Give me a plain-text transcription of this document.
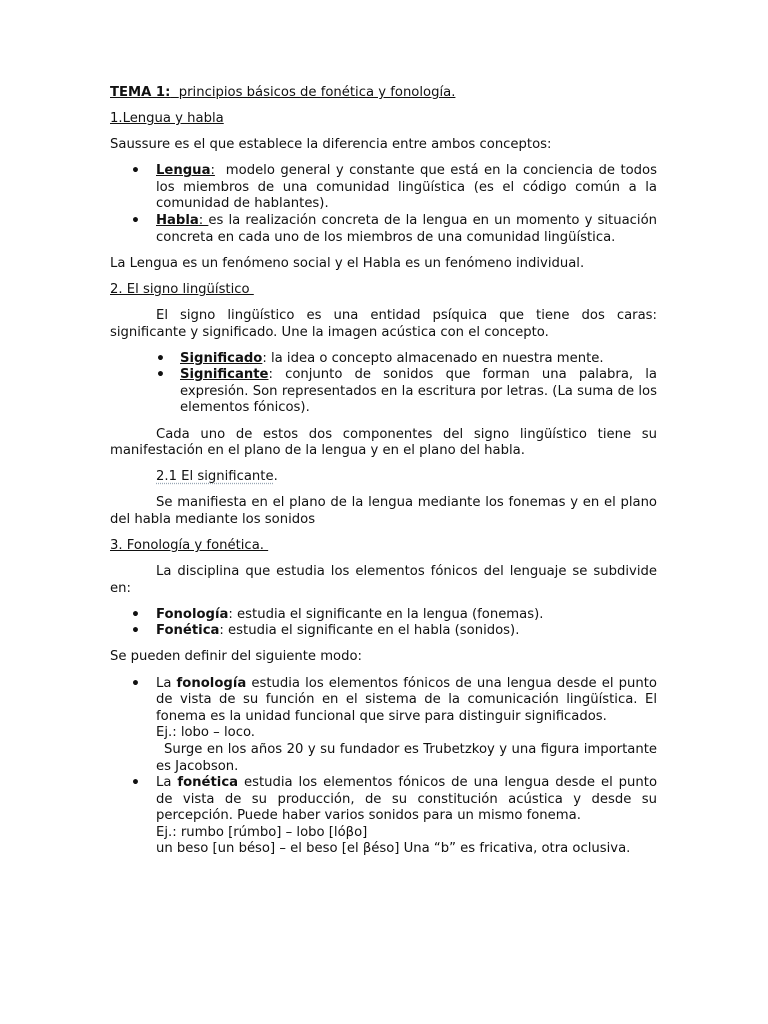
TEMA 1: principios básicos de fonética y fonología.

1.Lengua y habla

Saussure es el que establece la diferencia entre ambos conceptos:

• Lengua:  modelo general y constante que está en la conciencia de todos los miembros de una comunidad lingüística (es el código común a la comunidad de hablantes).
• Habla: es la realización concreta de la lengua en un momento y situación concreta en cada uno de los miembros de una comunidad lingüística.

La Lengua es un fenómeno social y el Habla es un fenómeno individual.

2. El signo lingüístico

El signo lingüístico es una entidad psíquica que tiene dos caras: significante y significado. Une la imagen acústica con el concepto.

• Significado: la idea o concepto almacenado en nuestra mente.
• Significante: conjunto de sonidos que forman una palabra, la expresión. Son representados en la escritura por letras. (La suma de los elementos fónicos).

Cada uno de estos dos componentes del signo lingüístico tiene su manifestación en el plano de la lengua y en el plano del habla.

2.1 El significante.

Se manifiesta en el plano de la lengua mediante los fonemas y en el plano del habla mediante los sonidos

3. Fonología y fonética.

La disciplina que estudia los elementos fónicos del lenguaje se subdivide en:

• Fonología: estudia el significante en la lengua (fonemas).
• Fonética: estudia el significante en el habla (sonidos).

Se pueden definir del siguiente modo:

• La fonología estudia los elementos fónicos de una lengua desde el punto de vista de su función en el sistema de la comunicación lingüística. El fonema es la unidad funcional que sirve para distinguir significados.
Ej.: lobo – loco.
Surge en los años 20 y su fundador es Trubetzkoy y una figura importante es Jacobson.
• La fonética estudia los elementos fónicos de una lengua desde el punto de vista de su producción, de su constitución acústica y desde su percepción. Puede haber varios sonidos para un mismo fonema.
Ej.: rumbo [rúmbo] – lobo [lóβo]
un beso [un béso] – el beso [el βéso] Una “b” es fricativa, otra oclusiva.
